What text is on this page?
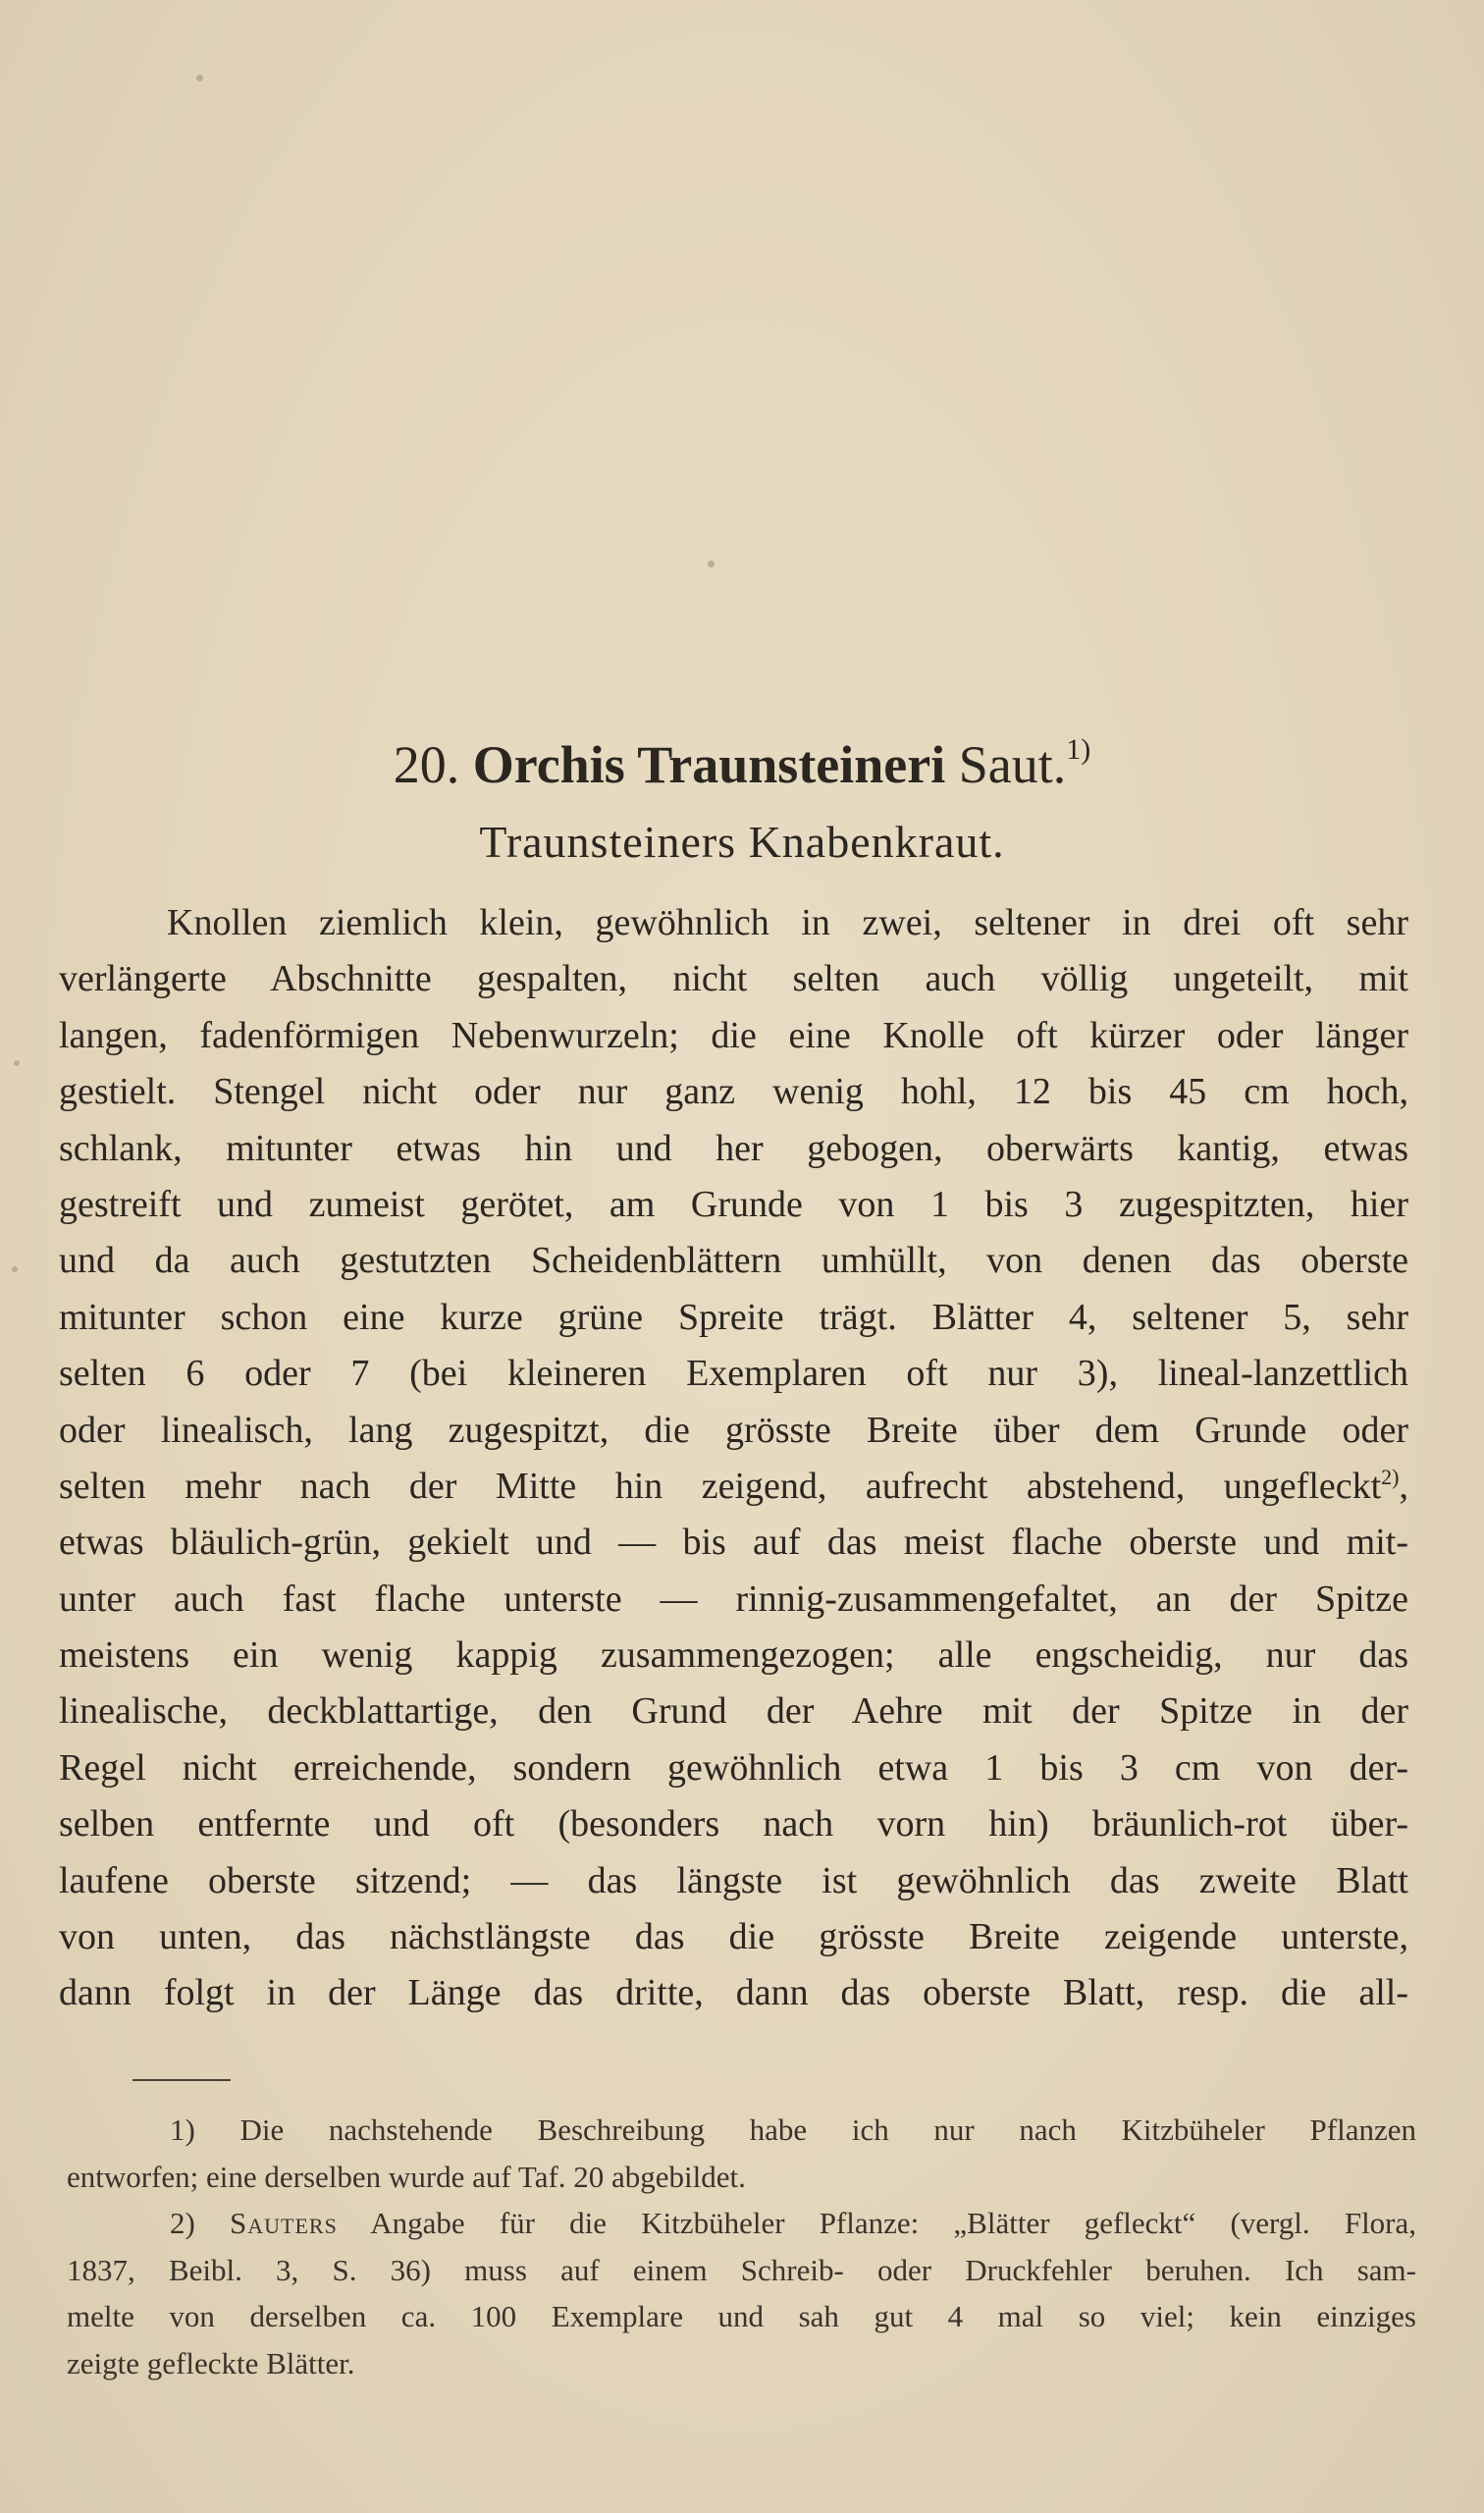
20. Orchis Traunsteineri Saut.$^{1)}$
Traunsteiners Knabenkraut.
Knollen ziemlich klein, gewöhnlich in zwei, seltener in drei oft sehr
verlängerte Abschnitte gespalten, nicht selten auch völlig ungeteilt, mit
langen, fadenförmigen Nebenwurzeln; die eine Knolle oft kürzer oder länger
gestielt. Stengel nicht oder nur ganz wenig hohl, 12 bis 45 cm hoch,
schlank, mitunter etwas hin und her gebogen, oberwärts kantig, etwas
gestreift und zumeist gerötet, am Grunde von 1 bis 3 zugespitzten, hier
und da auch gestutzten Scheidenblättern umhüllt, von denen das oberste
mitunter schon eine kurze grüne Spreite trägt. Blätter 4, seltener 5, sehr
selten 6 oder 7 (bei kleineren Exemplaren oft nur 3), lineal-lanzettlich
oder linealisch, lang zugespitzt, die grösste Breite über dem Grunde oder
selten mehr nach der Mitte hin zeigend, aufrecht abstehend, ungefleckt$^{2)}$,
etwas bläulich-grün, gekielt und — bis auf das meist flache oberste und mit-
unter auch fast flache unterste — rinnig-zusammengefaltet, an der Spitze
meistens ein wenig kappig zusammengezogen; alle engscheidig, nur das
linealische, deckblattartige, den Grund der Aehre mit der Spitze in der
Regel nicht erreichende, sondern gewöhnlich etwa 1 bis 3 cm von der-
selben entfernte und oft (besonders nach vorn hin) bräunlich-rot über-
laufene oberste sitzend; — das längste ist gewöhnlich das zweite Blatt
von unten, das nächstlängste das die grösste Breite zeigende unterste,
dann folgt in der Länge das dritte, dann das oberste Blatt, resp. die all-
1) Die nachstehende Beschreibung habe ich nur nach Kitzbüheler Pflanzen
entworfen; eine derselben wurde auf Taf. 20 abgebildet.
2) Sauters Angabe für die Kitzbüheler Pflanze: „Blätter gefleckt“ (vergl. Flora,
1837, Beibl. 3, S. 36) muss auf einem Schreib- oder Druckfehler beruhen. Ich sam-
melte von derselben ca. 100 Exemplare und sah gut 4 mal so viel; kein einziges
zeigte gefleckte Blätter.
